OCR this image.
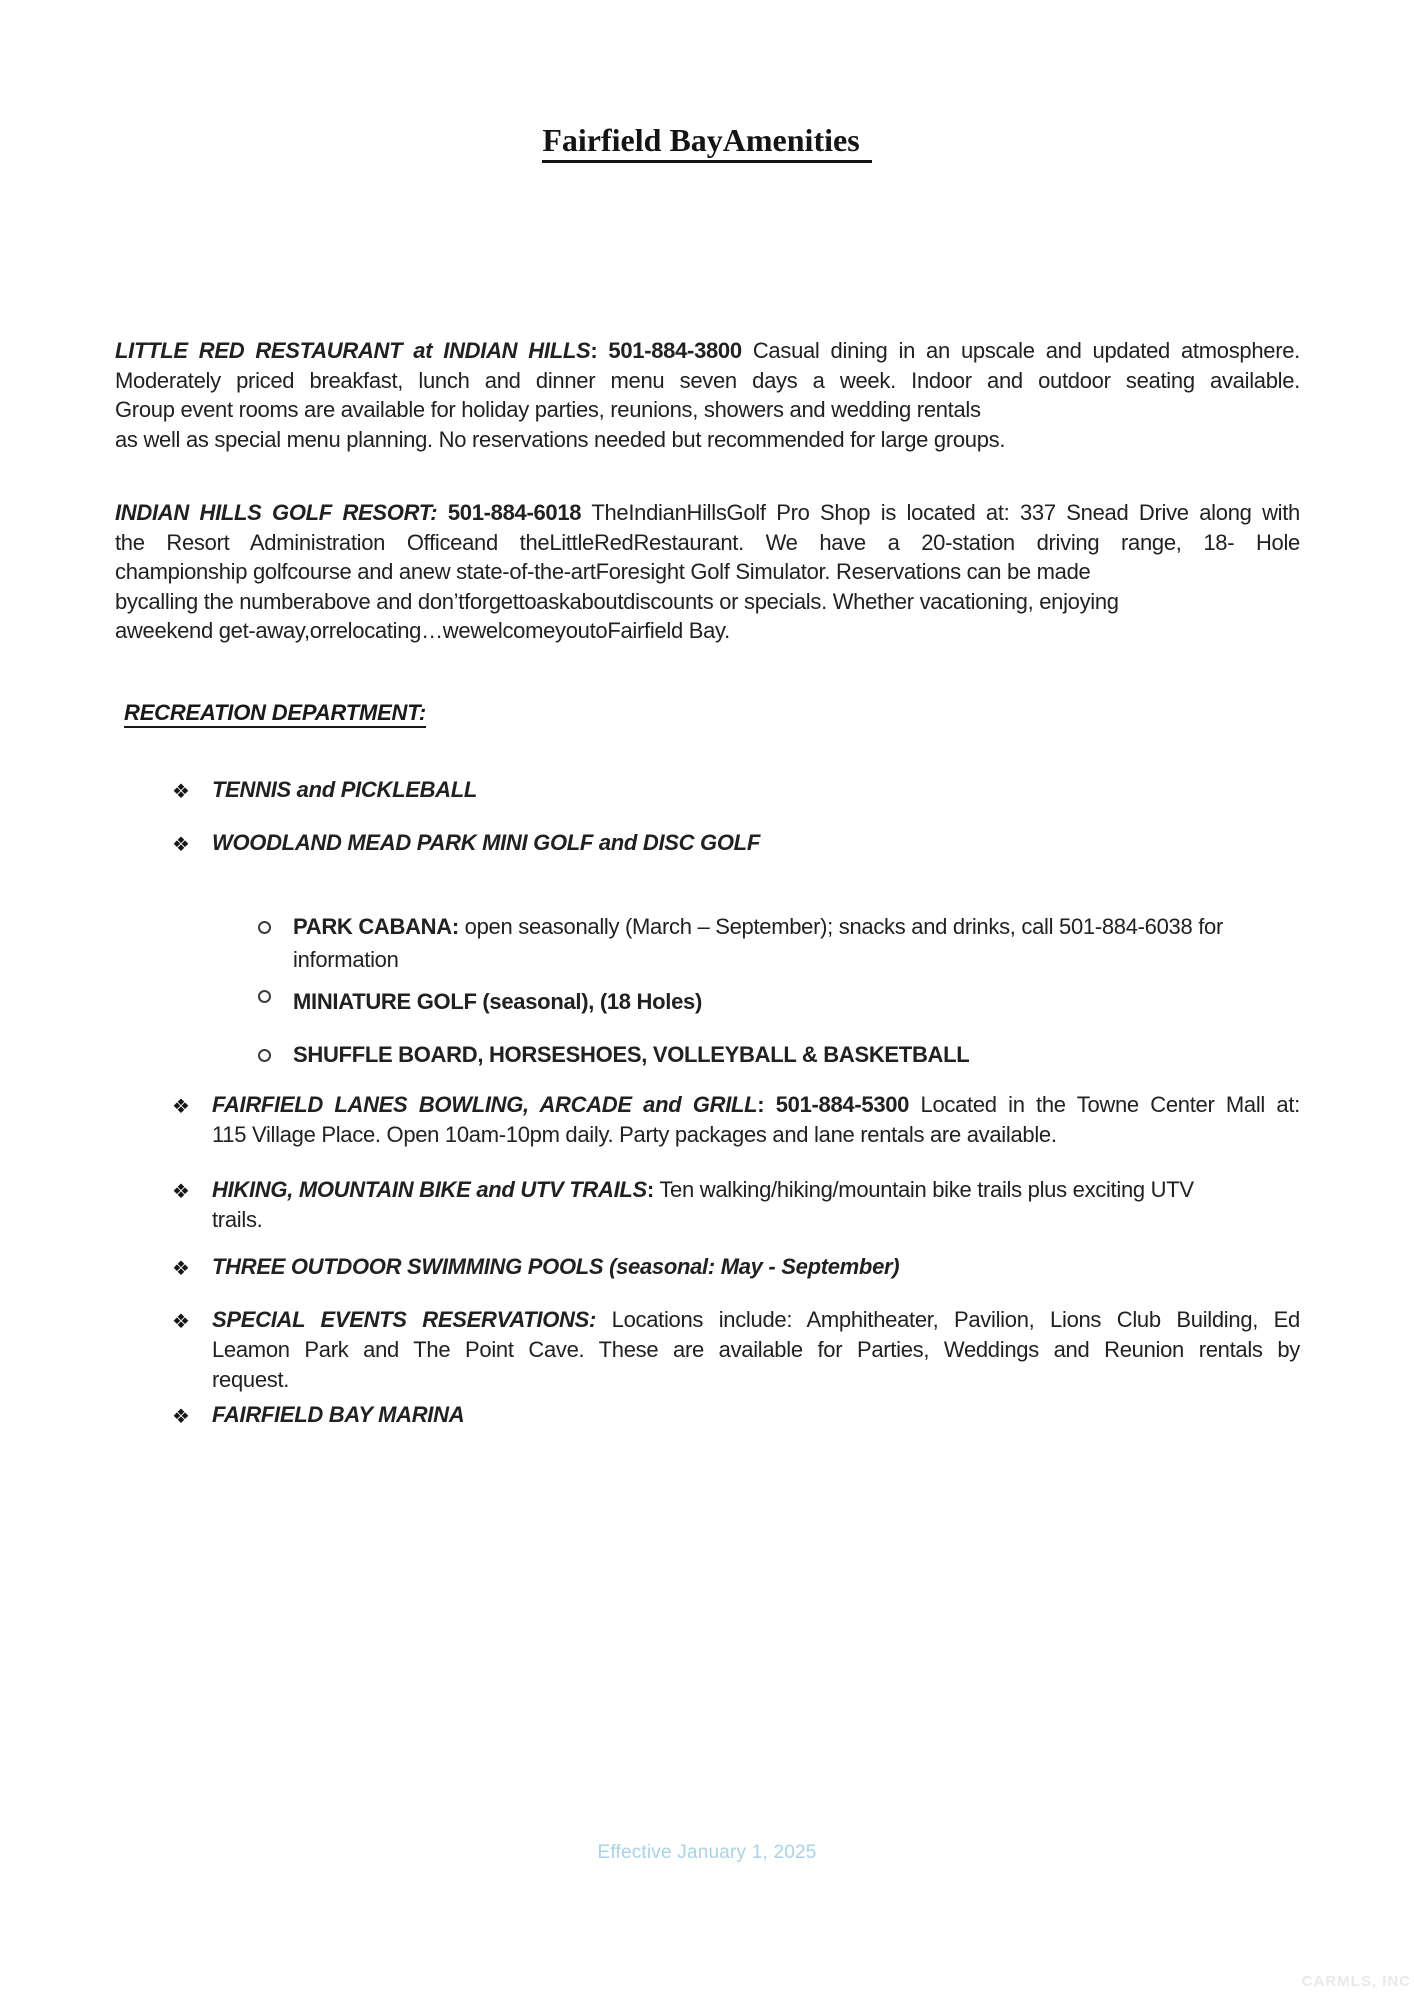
Fairfield BayAmenities
LITTLE RED RESTAURANT at INDIAN HILLS: 501-884-3800 Casual dining in an upscale and updated atmosphere.
Moderately priced breakfast, lunch and dinner menu seven days a week. Indoor and outdoor seating available.
Group event rooms are available for holiday parties, reunions, showers and wedding rentals
as well as special menu planning. No reservations needed but recommended for large groups.
INDIAN HILLS GOLF RESORT: 501-884-6018 TheIndianHillsGolf Pro Shop is located at: 337 Snead Drive along with
the Resort Administration Officeand theLittleRedRestaurant. We have a 20-station driving range, 18- Hole
championship golfcourse and anew state-of-the-artForesight Golf Simulator. Reservations can be made
bycalling the numberabove and don’tforgettoaskaboutdiscounts or specials. Whether vacationing, enjoying
aweekend get-away,orrelocating…wewelcomeyoutoFairfield Bay.
RECREATION DEPARTMENT:
❖ TENNIS and PICKLEBALL
❖ WOODLAND MEAD PARK MINI GOLF and DISC GOLF
PARK CABANA: open seasonally (March – September); snacks and drinks, call 501-884-6038 for
information
MINIATURE GOLF (seasonal), (18 Holes)
SHUFFLE BOARD, HORSESHOES, VOLLEYBALL & BASKETBALL
❖ FAIRFIELD LANES BOWLING, ARCADE and GRILL: 501-884-5300 Located in the Towne Center Mall at:
115 Village Place. Open 10am-10pm daily. Party packages and lane rentals are available.
❖ HIKING, MOUNTAIN BIKE and UTV TRAILS: Ten walking/hiking/mountain bike trails plus exciting UTV
trails.
❖ THREE OUTDOOR SWIMMING POOLS (seasonal: May - September)
❖ SPECIAL EVENTS RESERVATIONS: Locations include: Amphitheater, Pavilion, Lions Club Building, Ed
Leamon Park and The Point Cave. These are available for Parties, Weddings and Reunion rentals by
request.
❖ FAIRFIELD BAY MARINA
Effective January 1, 2025
CARMLS, INC
